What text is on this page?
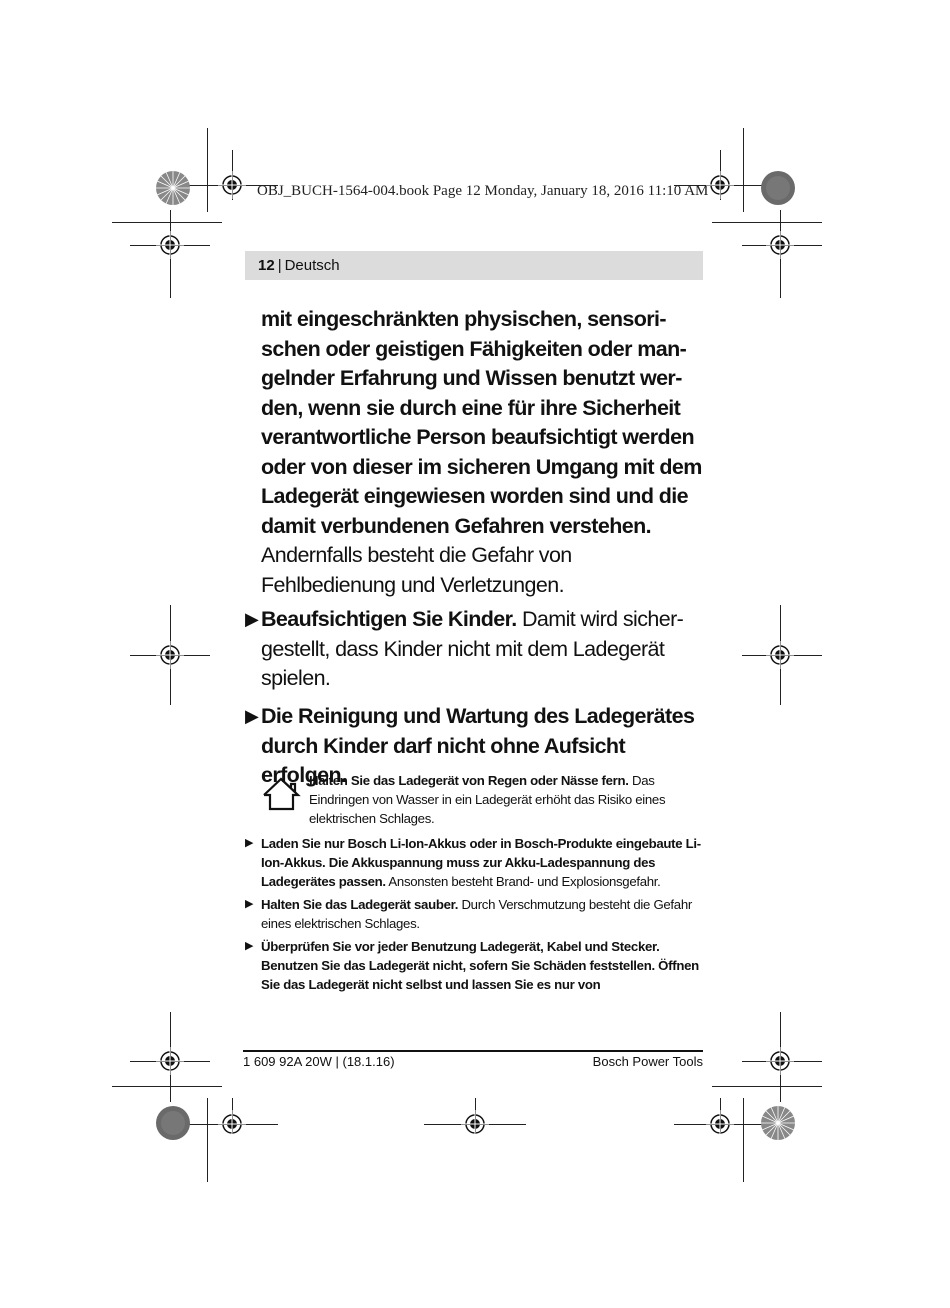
OBJ_BUCH-1564-004.book Page 12 Monday, January 18, 2016 11:10 AM
12 | Deutsch

mit eingeschränkten physischen, sensori-schen oder geistigen Fähigkeiten oder man-gelnder Erfahrung und Wissen benutzt wer-den, wenn sie durch eine für ihre Sicherheit verantwortliche Person beaufsichtigt werden oder von dieser im sicheren Umgang mit dem Ladegerät eingewiesen worden sind und die damit verbundenen Gefahren verstehen. Andernfalls besteht die Gefahr von Fehlbedienung und Verletzungen.

▶ Beaufsichtigen Sie Kinder. Damit wird sicher-gestellt, dass Kinder nicht mit dem Ladegerät spielen.
▶ Die Reinigung und Wartung des Ladegerätes durch Kinder darf nicht ohne Aufsicht erfolgen.
Halten Sie das Ladegerät von Regen oder Nässe fern. Das Eindringen von Wasser in ein Ladegerät erhöht das Risiko eines elektrischen Schlages.
▶ Laden Sie nur Bosch Li-Ion-Akkus oder in Bosch-Produkte eingebaute Li-Ion-Akkus. Die Akkuspannung muss zur Akku-Ladespannung des Ladegerätes passen. Ansonsten besteht Brand- und Explosionsgefahr.
▶ Halten Sie das Ladegerät sauber. Durch Verschmutzung besteht die Gefahr eines elektrischen Schlages.
▶ Überprüfen Sie vor jeder Benutzung Ladegerät, Kabel und Stecker. Benutzen Sie das Ladegerät nicht, sofern Sie Schäden feststellen. Öffnen Sie das Ladegerät nicht selbst und lassen Sie es nur von
1 609 92A 20W | (18.1.16)	Bosch Power Tools
